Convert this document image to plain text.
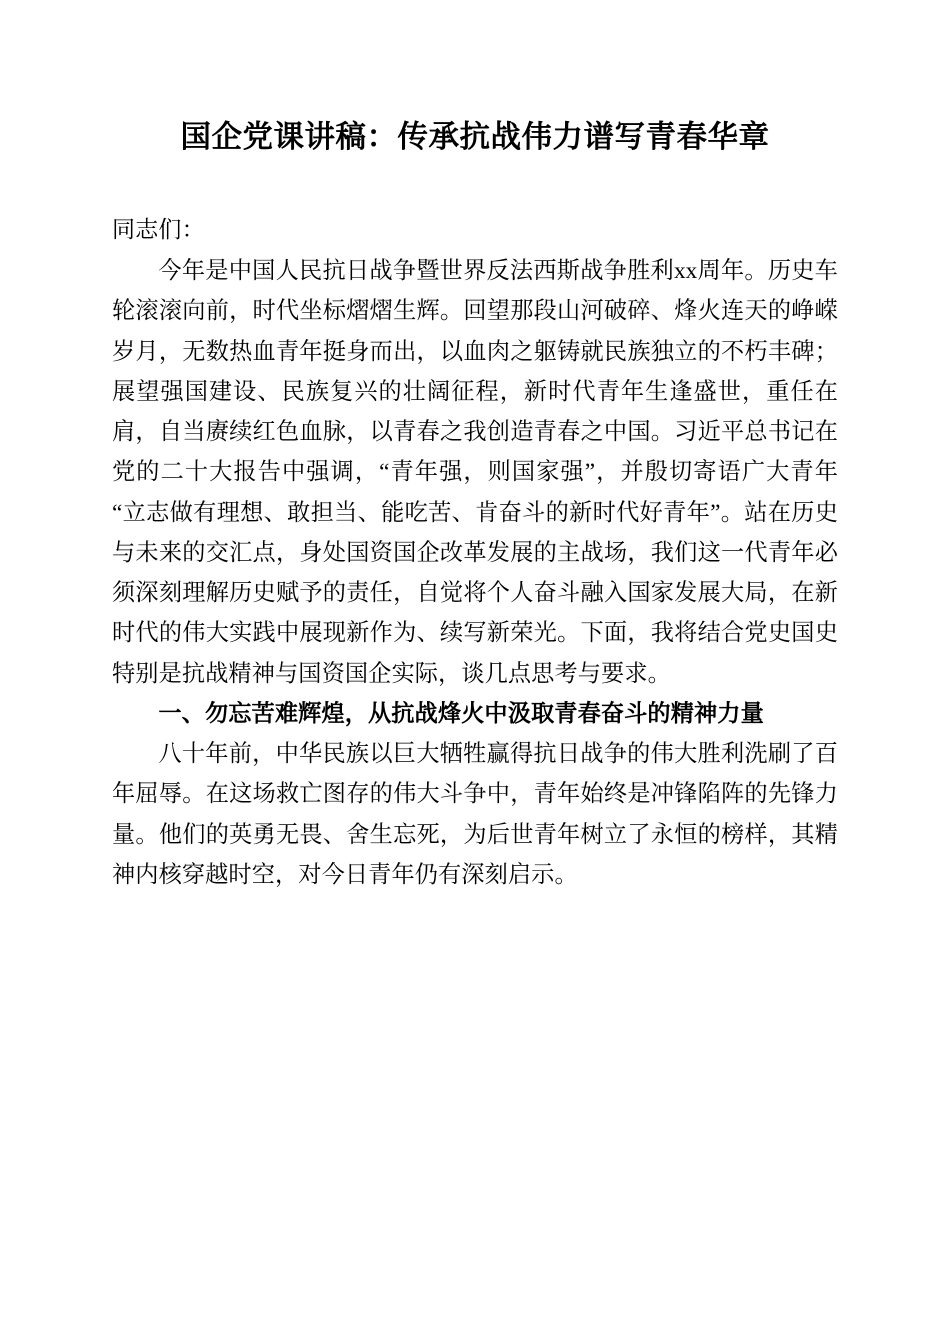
国企党课讲稿：传承抗战伟力谱写青春华章

同志们：

今年是中国人民抗日战争暨世界反法西斯战争胜利xx周年。历史车轮滚滚向前，时代坐标熠熠生辉。回望那段山河破碎、烽火连天的峥嵘岁月，无数热血青年挺身而出，以血肉之躯铸就民族独立的不朽丰碑；展望强国建设、民族复兴的壮阔征程，新时代青年生逢盛世，重任在肩，自当赓续红色血脉，以青春之我创造青春之中国。习近平总书记在党的二十大报告中强调，“青年强，则国家强”，并殷切寄语广大青年“立志做有理想、敢担当、能吃苦、肯奋斗的新时代好青年”。站在历史与未来的交汇点，身处国资国企改革发展的主战场，我们这一代青年必须深刻理解历史赋予的责任，自觉将个人奋斗融入国家发展大局，在新时代的伟大实践中展现新作为、续写新荣光。下面，我将结合党史国史特别是抗战精神与国资国企实际，谈几点思考与要求。

一、勿忘苦难辉煌，从抗战烽火中汲取青春奋斗的精神力量

八十年前，中华民族以巨大牺牲赢得抗日战争的伟大胜利洗刷了百年屈辱。在这场救亡图存的伟大斗争中，青年始终是冲锋陷阵的先锋力量。他们的英勇无畏、舍生忘死，为后世青年树立了永恒的榜样，其精神内核穿越时空，对今日青年仍有深刻启示。
